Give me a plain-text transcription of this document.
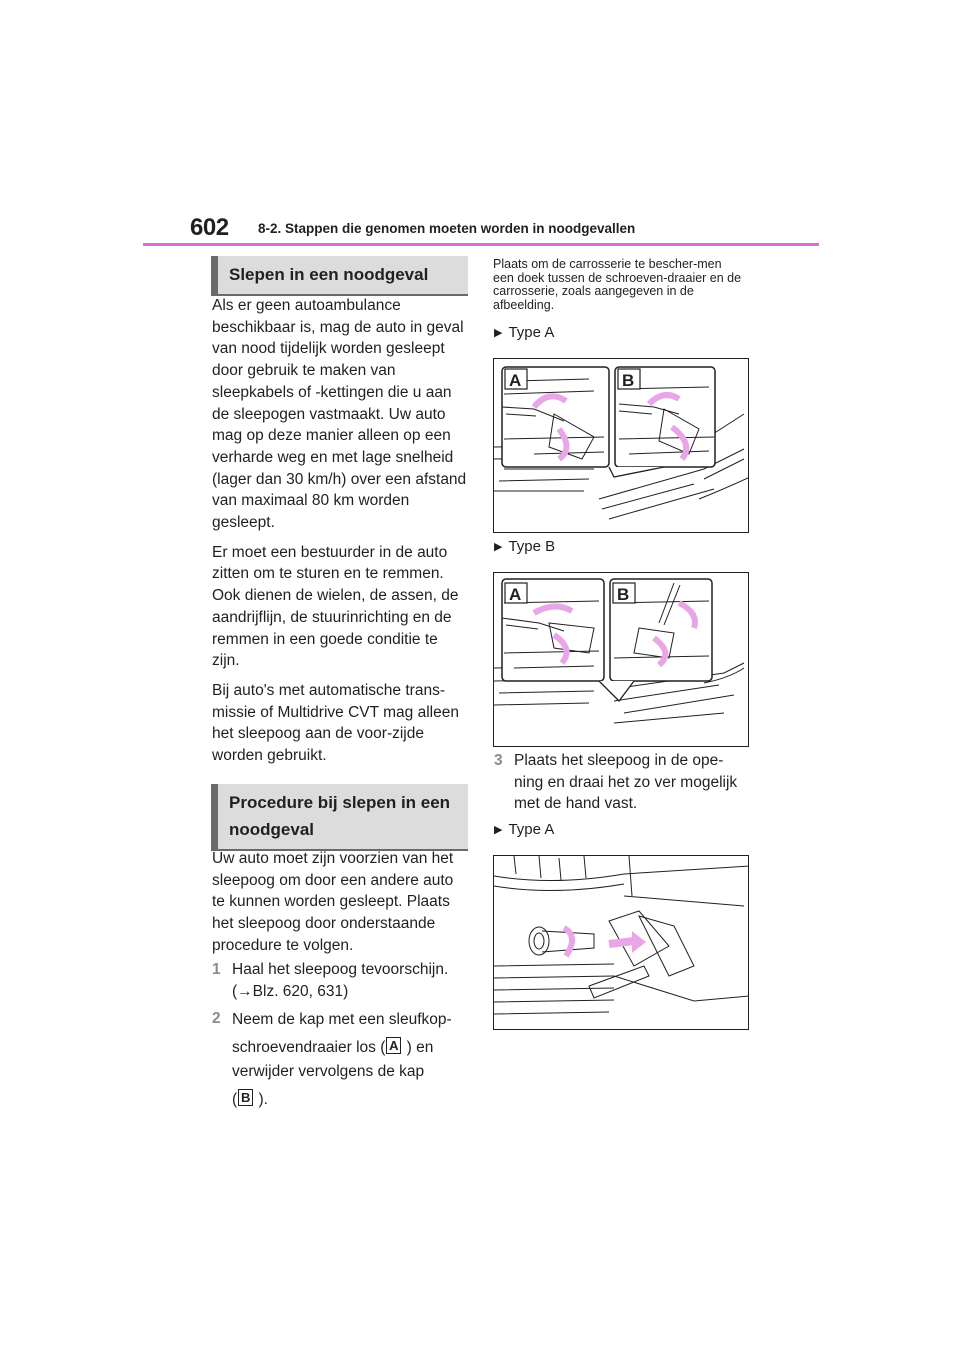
602 8-2. Stappen die genomen moeten worden in noodgevallen
Slepen in een noodgeval

Als er geen autoambulance beschikbaar is, mag de auto in geval van nood tijdelijk worden gesleept door gebruik te maken van sleepkabels of -kettingen die u aan de sleepogen vastmaakt. Uw auto mag op deze manier alleen op een verharde weg en met lage snelheid (lager dan 30 km/h) over een afstand van maximaal 80 km worden gesleept.

Er moet een bestuurder in de auto zitten om te sturen en te remmen. Ook dienen de wielen, de assen, de aandrijflijn, de stuurinrichting en de remmen in een goede conditie te zijn.

Bij auto's met automatische trans-missie of Multidrive CVT mag alleen het sleepoog aan de voor-zijde worden gebruikt.

Procedure bij slepen in een
noodgeval

Uw auto moet zijn voorzien van het sleepoog om door een andere auto te kunnen worden gesleept. Plaats het sleepoog door onderstaande procedure te volgen.

1 Haal het sleepoog tevoorschijn.
(→Blz. 620, 631)
2 Neem de kap met een sleufkop-
schroevendraaier los ( A ) en
verwijder vervolgens de kap
( B ).
Plaats om de carrosserie te bescher-men een doek tussen de schroeven-draaier en de carrosserie, zoals aangegeven in de afbeelding.
▶ Type A
A	B
▶ Type B
A	B
3 Plaats het sleepoog in de ope-ning en draai het zo ver mogelijk met de hand vast.
▶ Type A
